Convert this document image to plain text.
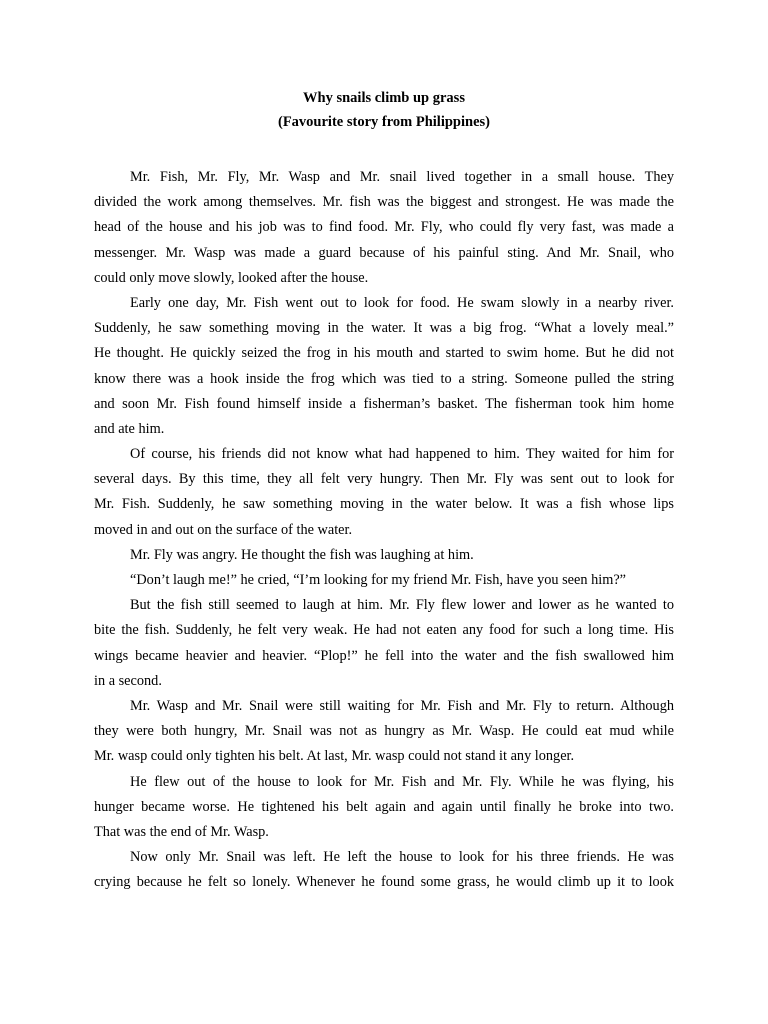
Why snails climb up grass
(Favourite story from Philippines)
Mr. Fish, Mr. Fly, Mr. Wasp and Mr. snail lived together in a small house. They
divided the work among themselves. Mr. fish was the biggest and strongest. He was made the
head of the house and his job was to find food. Mr. Fly, who could fly very fast, was made a
messenger. Mr. Wasp was made a guard because of his painful sting. And Mr. Snail, who
could only move slowly, looked after the house.
Early one day, Mr. Fish went out to look for food. He swam slowly in a nearby river.
Suddenly, he saw something moving in the water. It was a big frog. “What a lovely meal.”
He thought. He quickly seized the frog in his mouth and started to swim home. But he did not
know there was a hook inside the frog which was tied to a string. Someone pulled the string
and soon Mr. Fish found himself inside a fisherman’s basket. The fisherman took him home
and ate him.
Of course, his friends did not know what had happened to him. They waited for him for
several days. By this time, they all felt very hungry. Then Mr. Fly was sent out to look for
Mr. Fish. Suddenly, he saw something moving in the water below. It was a fish whose lips
moved in and out on the surface of the water.
Mr. Fly was angry. He thought the fish was laughing at him.
“Don’t laugh me!” he cried, “I’m looking for my friend Mr. Fish, have you seen him?”
But the fish still seemed to laugh at him. Mr. Fly flew lower and lower as he wanted to
bite the fish. Suddenly, he felt very weak. He had not eaten any food for such a long time. His
wings became heavier and heavier. “Plop!” he fell into the water and the fish swallowed him
in a second.
Mr. Wasp and Mr. Snail were still waiting for Mr. Fish and Mr. Fly to return. Although
they were both hungry, Mr. Snail was not as hungry as Mr. Wasp. He could eat mud while
Mr. wasp could only tighten his belt. At last, Mr. wasp could not stand it any longer.
He flew out of the house to look for Mr. Fish and Mr. Fly. While he was flying, his
hunger became worse. He tightened his belt again and again until finally he broke into two.
That was the end of Mr. Wasp.
Now only Mr. Snail was left. He left the house to look for his three friends. He was
crying because he felt so lonely. Whenever he found some grass, he would climb up it to look
